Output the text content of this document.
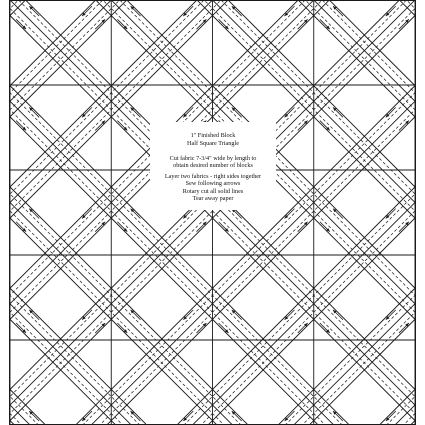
1" Finished Block
Half Square Triangle
Cut fabric 7-3/4" wide by length to
obtain desired number of blocks
Layer two fabrics - right sides together
Sew following arrows
Rotary cut all solid lines
Tear away paper
